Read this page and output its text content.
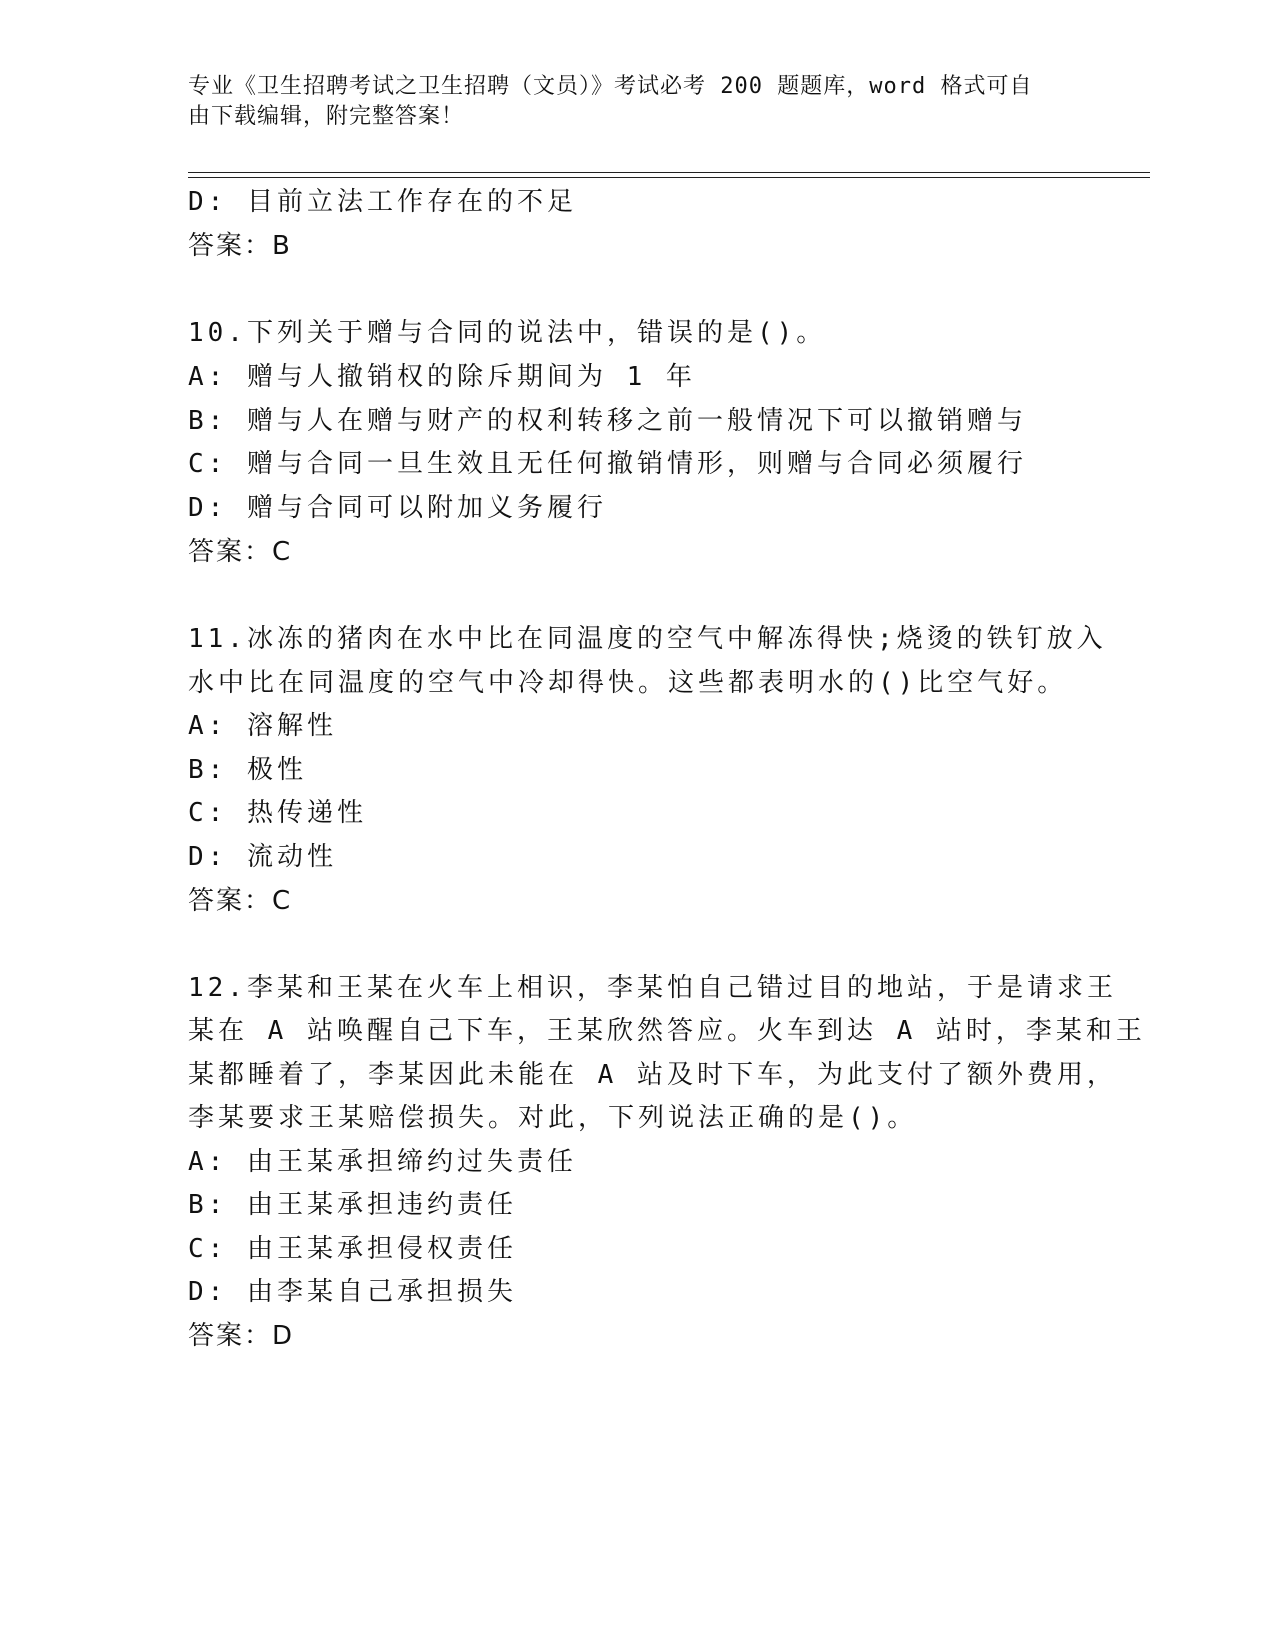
专业《卫生招聘考试之卫生招聘（文员）》考试必考 200 题题库，word 格式可自
由下载编辑，附完整答案！
D: 目前立法工作存在的不足
答案：B
10.下列关于赠与合同的说法中，错误的是()。
A: 赠与人撤销权的除斥期间为 1 年
B: 赠与人在赠与财产的权利转移之前一般情况下可以撤销赠与
C: 赠与合同一旦生效且无任何撤销情形，则赠与合同必须履行
D: 赠与合同可以附加义务履行
答案：C
11.冰冻的猪肉在水中比在同温度的空气中解冻得快;烧烫的铁钉放入
水中比在同温度的空气中冷却得快。这些都表明水的()比空气好。
A: 溶解性
B: 极性
C: 热传递性
D: 流动性
答案：C
12.李某和王某在火车上相识，李某怕自己错过目的地站，于是请求王
某在 A 站唤醒自己下车，王某欣然答应。火车到达 A 站时，李某和王
某都睡着了，李某因此未能在 A 站及时下车，为此支付了额外费用，
李某要求王某赔偿损失。对此，下列说法正确的是()。
A: 由王某承担缔约过失责任
B: 由王某承担违约责任
C: 由王某承担侵权责任
D: 由李某自己承担损失
答案：D
